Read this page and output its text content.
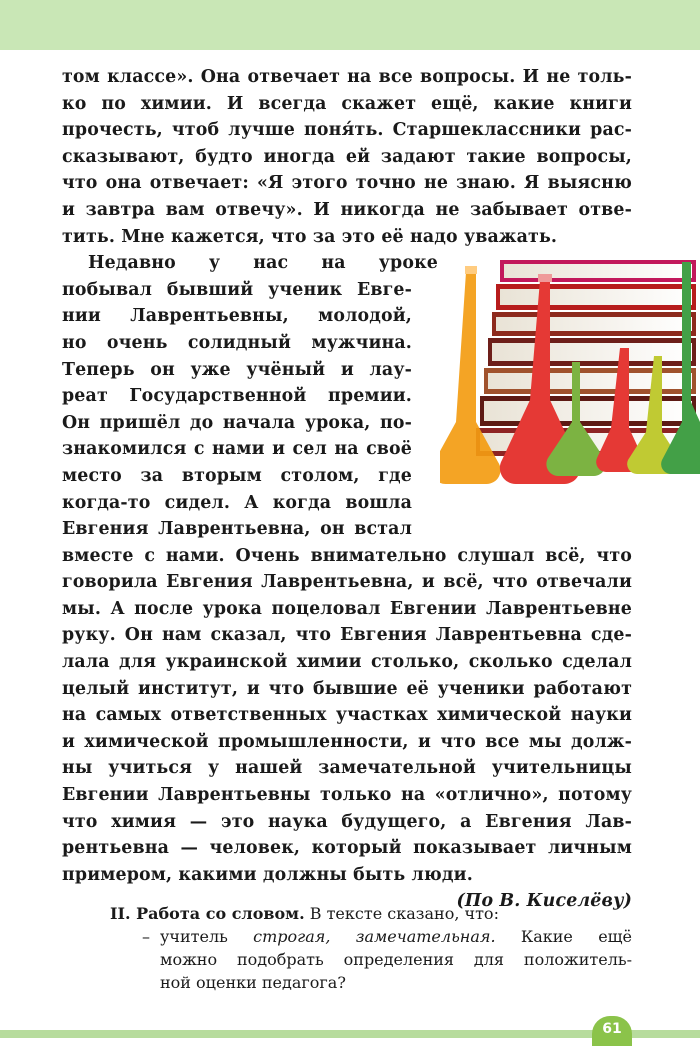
том классе». Она отвечает на все вопросы. И не толь-
ко по химии. И всегда скажет ещё, какие книги
прочесть, чтоб лучше поня́ть. Старшеклассники рас-
сказывают, будто иногда ей задают такие вопросы,
что она отвечает: «Я этого точно не знаю. Я выясню
и завтра вам отвечу». И никогда не забывает отве-
тить. Мне кажется, что за это её надо уважать.
Недавно у нас на уроке
побывал бывший ученик Евге-
нии Лаврентьевны, молодой,
но очень солидный мужчина.
Теперь он уже учёный и лау-
реат Государственной премии.
Он пришёл до начала урока, по-
знакомился с нами и сел на своё
место за вторым столом, где
когда-то сидел. А когда вошла
Евгения Лаврентьевна, он встал
вместе с нами. Очень внимательно слушал всё, что
говорила Евгения Лаврентьевна, и всё, что отвечали
мы. А после урока поцеловал Евгении Лаврентьевне
руку. Он нам сказал, что Евгения Лаврентьевна сде-
лала для украинской химии столько, сколько сделал
целый институт, и что бывшие её ученики работают
на самых ответственных участках химической науки
и химической промышленности, и что все мы долж-
ны учиться у нашей замечательной учительницы
Евгении Лаврентьевны только на «отлично», потому
что химия — это наука будущего, а Евгения Лав-
рентьевна — человек, который показывает личным
примером, какими должны быть люди.
(По В. Киселёву)
II. Работа со словом. В тексте сказано, что:
– учитель строгая, замечательная. Какие ещё
можно подобрать определения для положитель-
ной оценки педагога?
61
